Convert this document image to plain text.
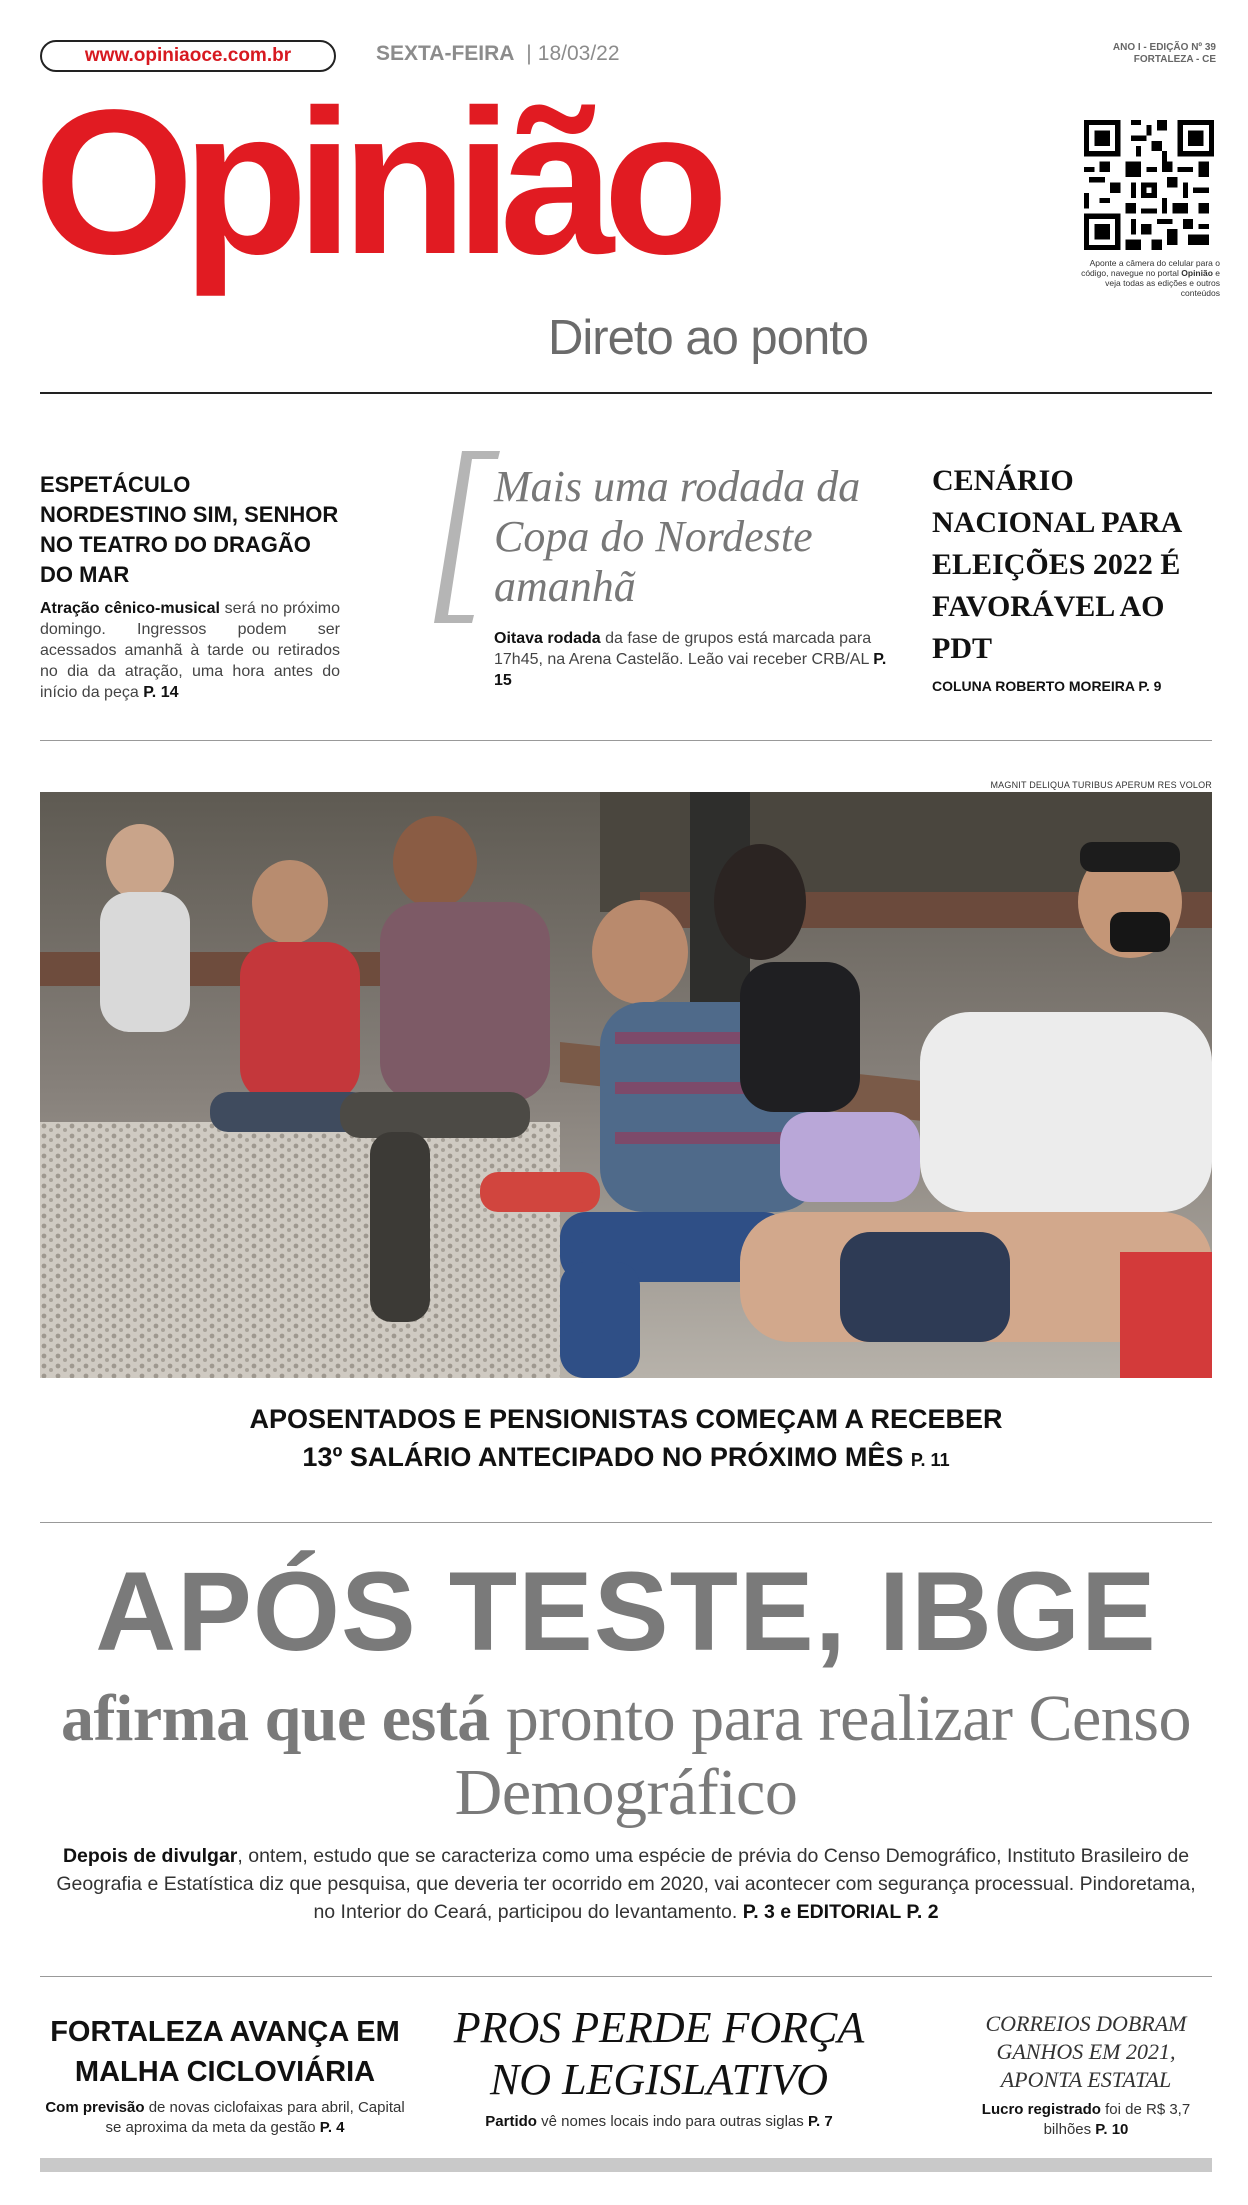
www.opiniaoce.com.br	SEXTA-FEIRA | 18/03/22	ANO I - EDIÇÃO Nº 39
FORTALEZA - CE
Opinião
Direto ao ponto
Aponte a câmera do celular para o código, navegue no portal Opinião e veja todas as edições e outros conteúdos
ESPETÁCULO NORDESTINO SIM, SENHOR NO TEATRO DO DRAGÃO DO MAR

Atração cênico-musical será no próximo domingo. Ingressos podem ser acessados amanhã à tarde ou retirados no dia da atração, uma hora antes do início da peça P. 14

Mais uma rodada da Copa do Nordeste amanhã

Oitava rodada da fase de grupos está marcada para 17h45, na Arena Castelão. Leão vai receber CRB/AL P. 15

CENÁRIO NACIONAL PARA ELEIÇÕES 2022 É FAVORÁVEL AO PDT
COLUNA ROBERTO MOREIRA P. 9
MAGNIT DELIQUA TURIBUS APERUM RES VOLOR
APOSENTADOS E PENSIONISTAS COMEÇAM A RECEBER
13º SALÁRIO ANTECIPADO NO PRÓXIMO MÊS P. 11
APÓS TESTE, IBGE
afirma que está pronto para realizar Censo Demográfico

Depois de divulgar, ontem, estudo que se caracteriza como uma espécie de prévia do Censo Demográfico, Instituto Brasileiro de Geografia e Estatística diz que pesquisa, que deveria ter ocorrido em 2020, vai acontecer com segurança processual. Pindoretama, no Interior do Ceará, participou do levantamento. P. 3 e EDITORIAL P. 2

FORTALEZA AVANÇA EM MALHA CICLOVIÁRIA

Com previsão de novas ciclofaixas para abril, Capital se aproxima da meta da gestão P. 4

PROS PERDE FORÇA NO LEGISLATIVO

Partido vê nomes locais indo para outras siglas P. 7

CORREIOS DOBRAM GANHOS EM 2021, APONTA ESTATAL

Lucro registrado foi de R$ 3,7 bilhões P. 10
